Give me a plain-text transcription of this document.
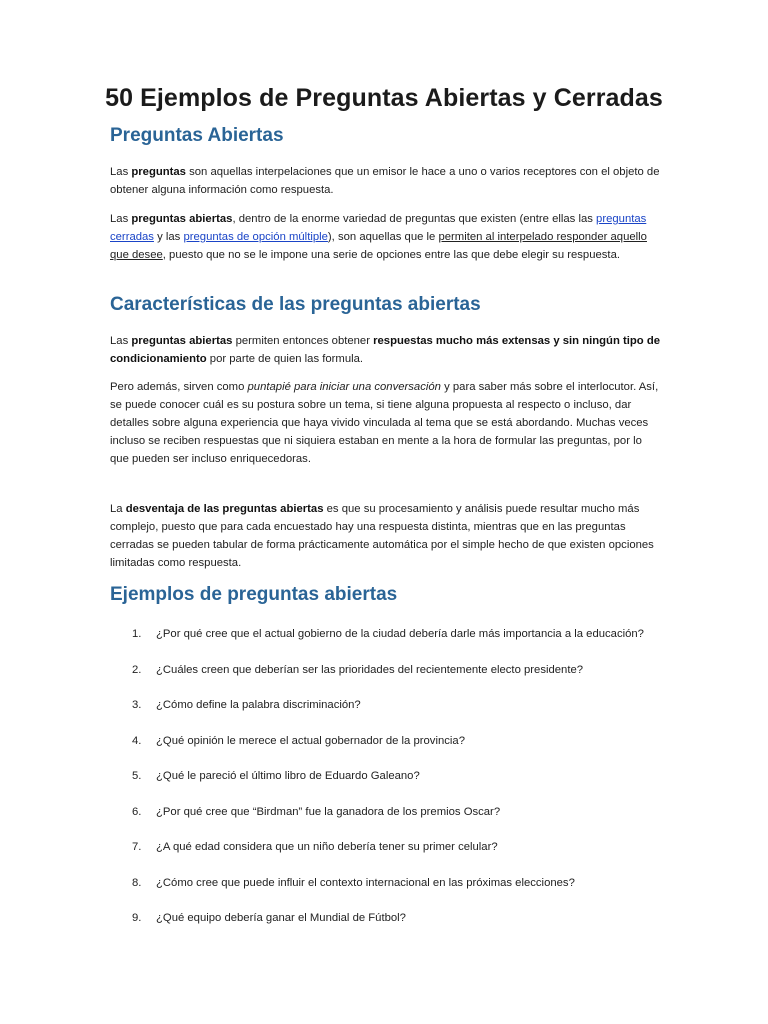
50 Ejemplos de Preguntas Abiertas y Cerradas
Preguntas Abiertas
Las preguntas son aquellas interpelaciones que un emisor le hace a uno o varios receptores con el objeto de obtener alguna información como respuesta.
Las preguntas abiertas, dentro de la enorme variedad de preguntas que existen (entre ellas las preguntas cerradas y las preguntas de opción múltiple), son aquellas que le permiten al interpelado responder aquello que desee, puesto que no se le impone una serie de opciones entre las que debe elegir su respuesta.
Características de las preguntas abiertas
Las preguntas abiertas permiten entonces obtener respuestas mucho más extensas y sin ningún tipo de condicionamiento por parte de quien las formula.
Pero además, sirven como puntapié para iniciar una conversación y para saber más sobre el interlocutor. Así, se puede conocer cuál es su postura sobre un tema, si tiene alguna propuesta al respecto o incluso, dar detalles sobre alguna experiencia que haya vivido vinculada al tema que se está abordando. Muchas veces incluso se reciben respuestas que ni siquiera estaban en mente a la hora de formular las preguntas, por lo que pueden ser incluso enriquecedoras.
La desventaja de las preguntas abiertas es que su procesamiento y análisis puede resultar mucho más complejo, puesto que para cada encuestado hay una respuesta distinta, mientras que en las preguntas cerradas se pueden tabular de forma prácticamente automática por el simple hecho de que existen opciones limitadas como respuesta.
Ejemplos de preguntas abiertas
1.	¿Por qué cree que el actual gobierno de la ciudad debería darle más importancia a la educación?
2.	¿Cuáles creen que deberían ser las prioridades del recientemente electo presidente?
3.	¿Cómo define la palabra discriminación?
4.	¿Qué opinión le merece el actual gobernador de la provincia?
5.	¿Qué le pareció el último libro de Eduardo Galeano?
6.	¿Por qué cree que “Birdman” fue la ganadora de los premios Oscar?
7.	¿A qué edad considera que un niño debería tener su primer celular?
8.	¿Cómo cree que puede influir el contexto internacional en las próximas elecciones?
9.	¿Qué equipo debería ganar el Mundial de Fútbol?
